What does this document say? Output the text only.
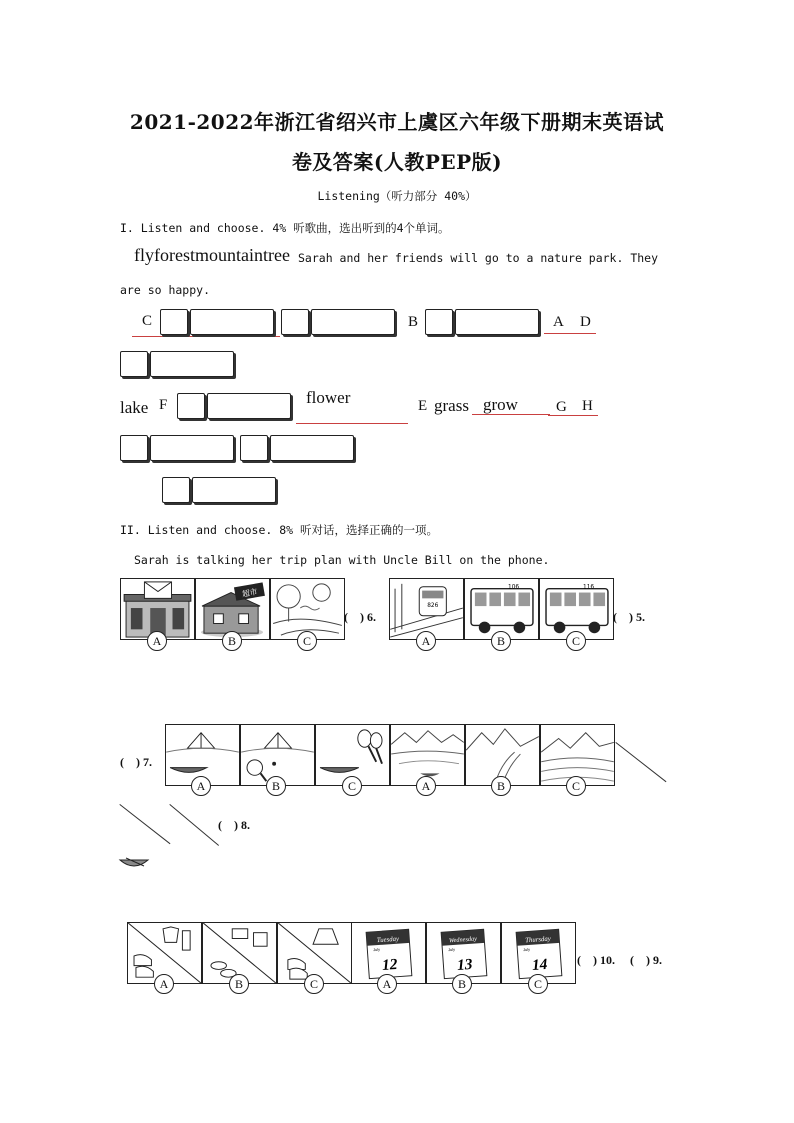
2021-2022年浙江省绍兴市上虞区六年级下册期末英语试
卷及答案(人教PEP版)
Listening（听力部分 40%）
I. Listen and choose. 4% 听歌曲，选出听到的4个单词。
flyforestmountaintree Sarah and her friends will go to a nature park. They
are so happy.
C	B	A D
lake F	flower	E grass grow	G H
II. Listen and choose. 8% 听对话，选择正确的一项。
Sarah is talking her trip plan with Uncle Bill on the phone.
超市
A	B	C
(    ) 6.
826
106	116
A	B	C
(    ) 5.
(    ) 7.
A	B	C	A	B	C
(    ) 8.
A	B	C
Tuesday
July
12
Wednesday
July
13
Thursday
July
14
A	B	C
(    ) 10. (    ) 9.
